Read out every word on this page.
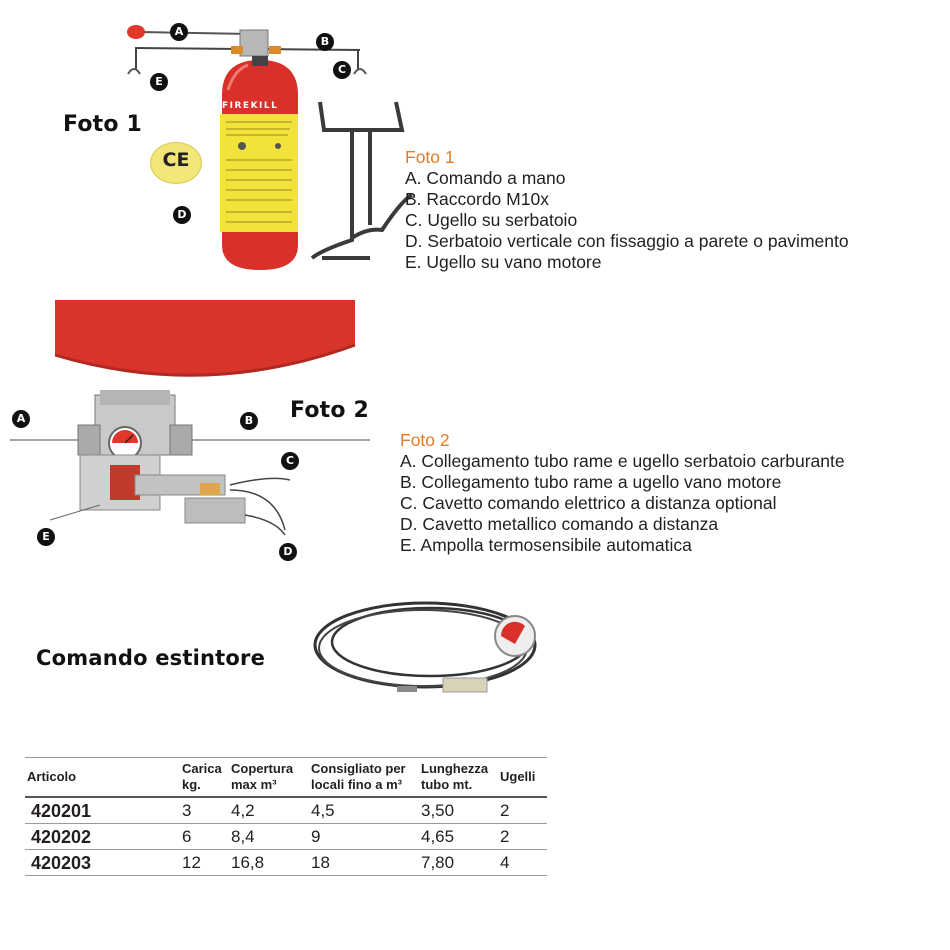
FIREKILL
A
B
C
E
D
Foto 1
CE	Foto 1
A. Comando a mano
B. Raccordo M10x
C. Ugello su serbatoio
D. Serbatoio verticale con fissaggio a parete o pavimento
E. Ugello su vano motore
A	B
C
D
E
Foto 2
Foto 2
A. Collegamento tubo rame e ugello serbatoio carburante
B. Collegamento tubo rame a ugello vano motore
C. Cavetto comando elettrico a distanza optional
D. Cavetto metallico comando a distanza
E. Ampolla termosensibile automatica
Comando estintore
Articolo	Carica kg.	Copertura max m³	Consigliato per locali fino a m³	Lunghezza tubo mt.	Ugelli
420201	3	4,2	4,5	3,50	2
420202	6	8,4	9	4,65	2
420203	12	16,8	18	7,80	4
